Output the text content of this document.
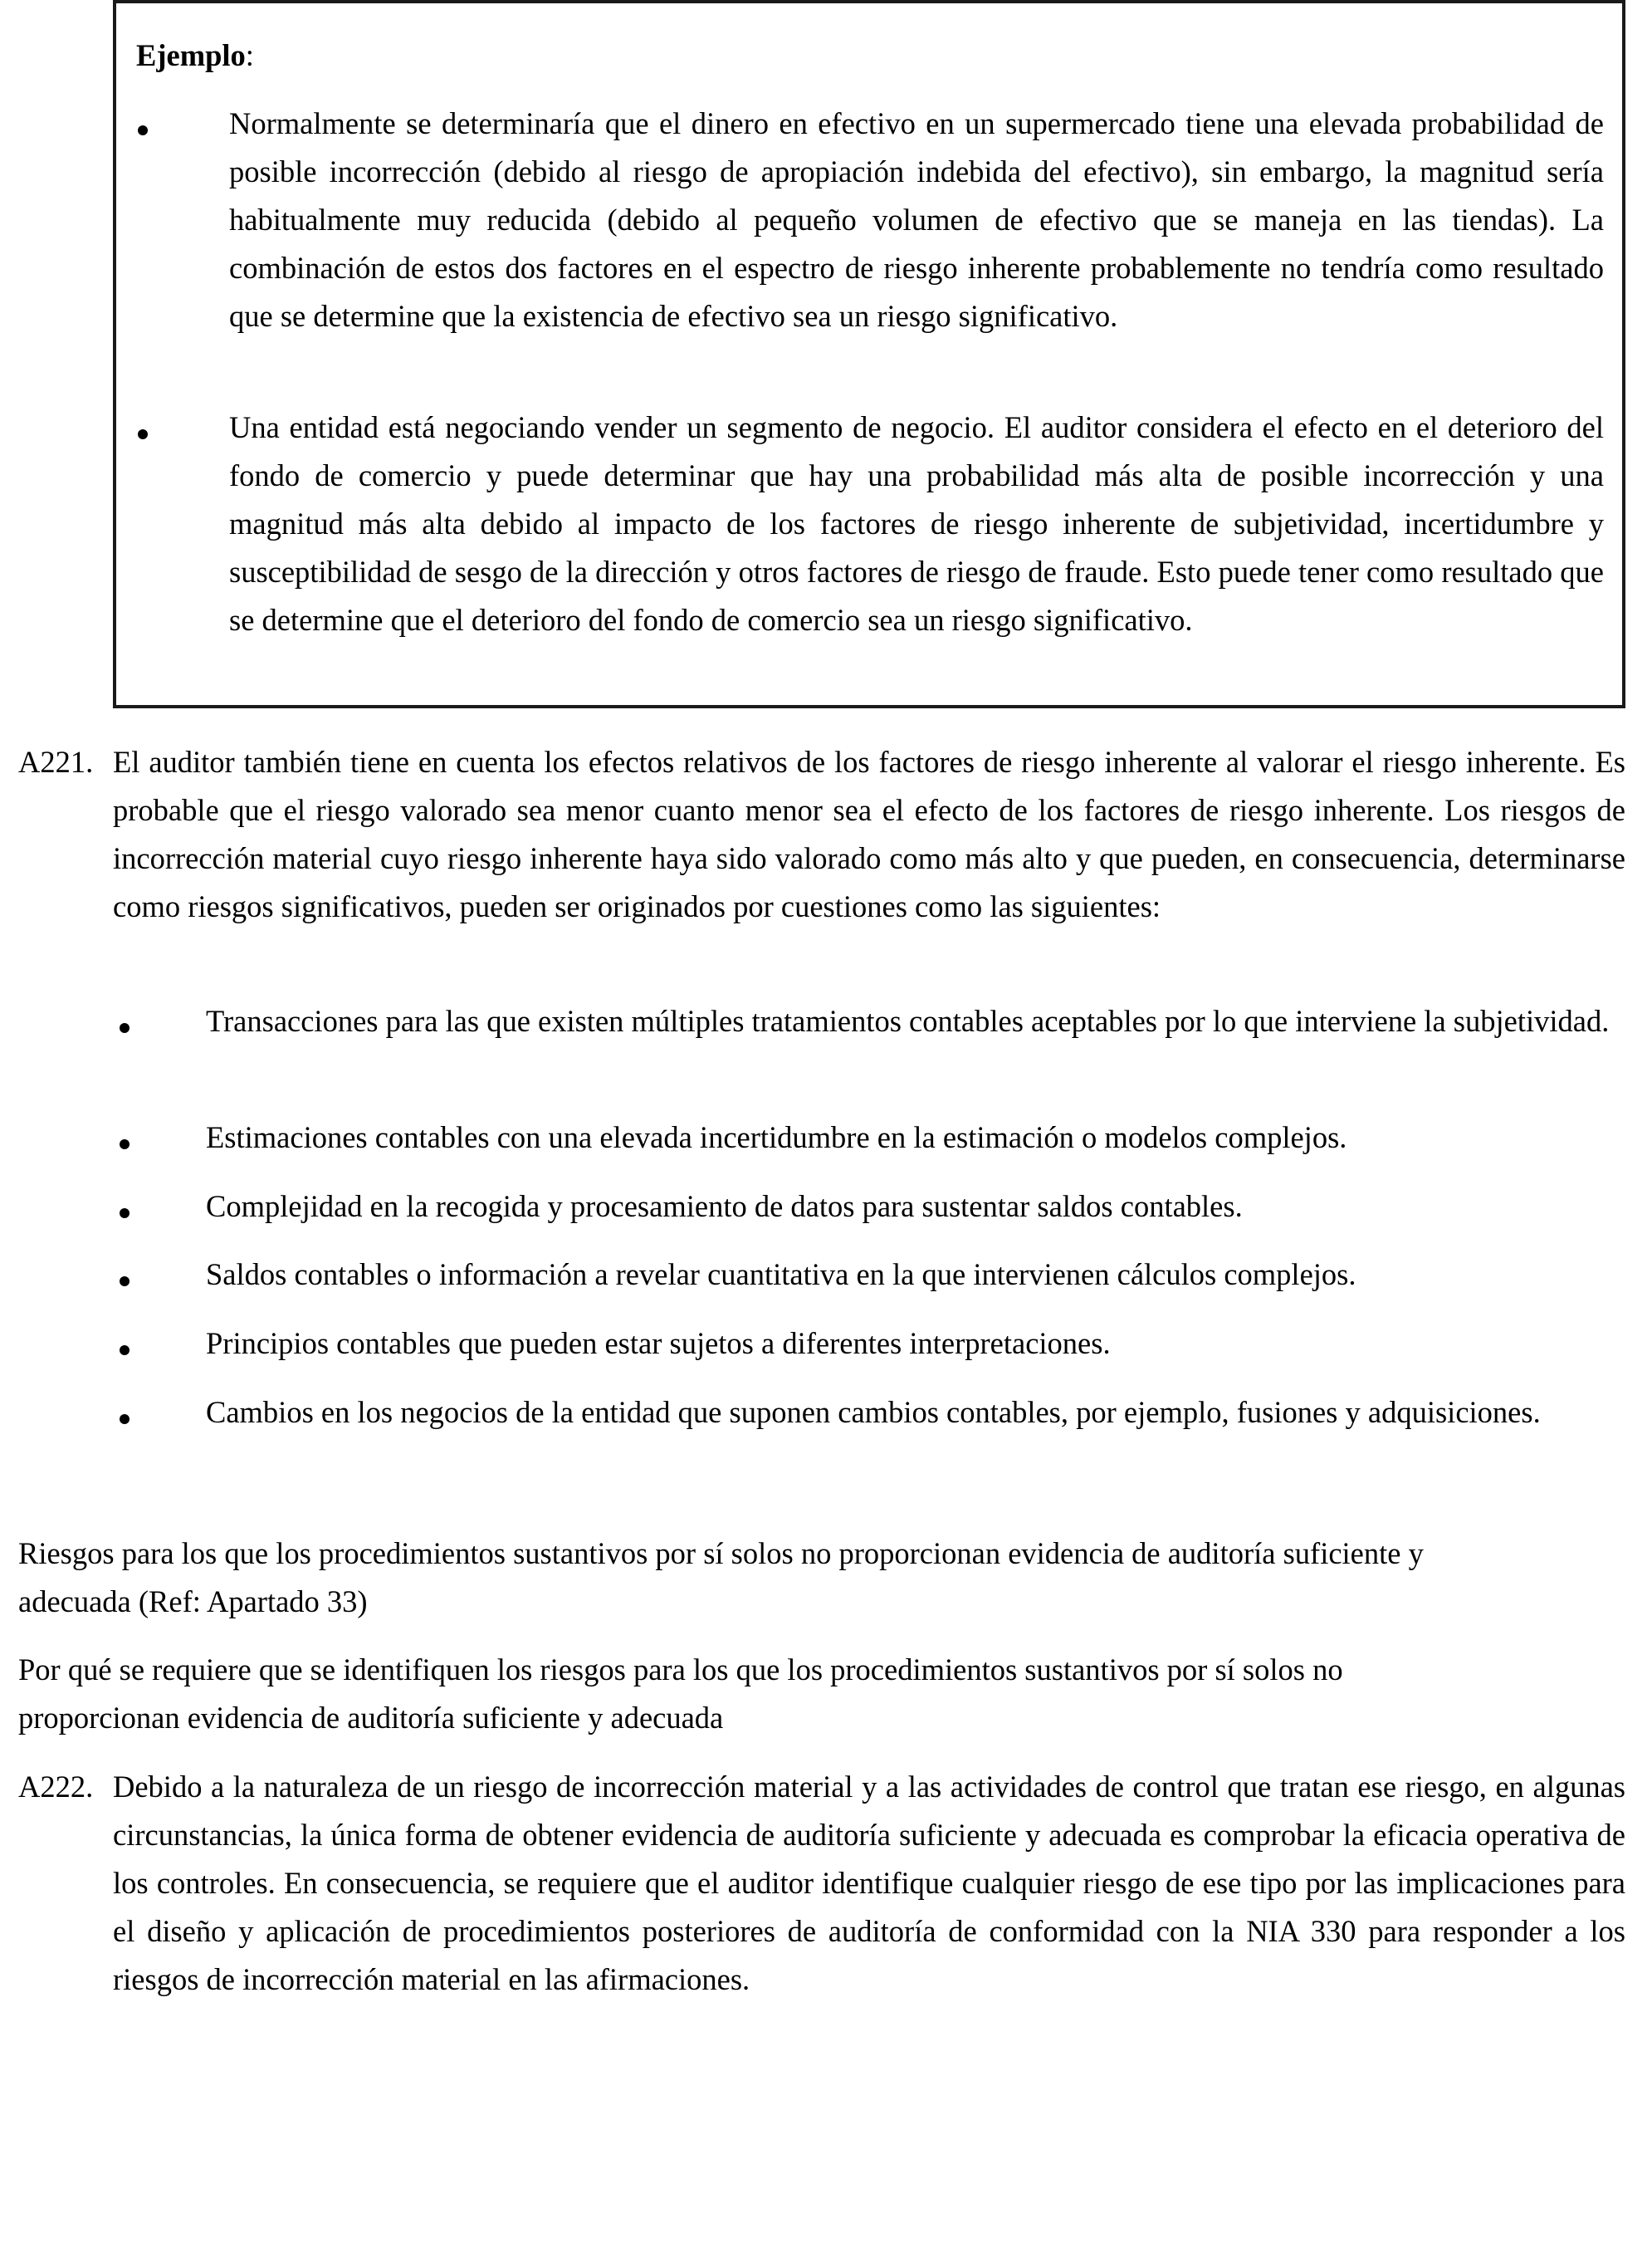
Ejemplo:

Normalmente se determinaría que el dinero en efectivo en un supermercado tiene una elevada probabilidad de posible incorrección (debido al riesgo de apropiación indebida del efectivo), sin embargo, la magnitud sería habitualmente muy reducida (debido al pequeño volumen de efectivo que se maneja en las tiendas). La combinación de estos dos factores en el espectro de riesgo inherente probablemente no tendría como resultado que se determine que la existencia de efectivo sea un riesgo significativo.

Una entidad está negociando vender un segmento de negocio. El auditor considera el efecto en el deterioro del fondo de comercio y puede determinar que hay una probabilidad más alta de posible incorrección y una magnitud más alta debido al impacto de los factores de riesgo inherente de subjetividad, incertidumbre y susceptibilidad de sesgo de la dirección y otros factores de riesgo de fraude. Esto puede tener como resultado que se determine que el deterioro del fondo de comercio sea un riesgo significativo.

A221. El auditor también tiene en cuenta los efectos relativos de los factores de riesgo inherente al valorar el riesgo inherente. Es probable que el riesgo valorado sea menor cuanto menor sea el efecto de los factores de riesgo inherente. Los riesgos de incorrección material cuyo riesgo inherente haya sido valorado como más alto y que pueden, en consecuencia, determinarse como riesgos significativos, pueden ser originados por cuestiones como las siguientes:

Transacciones para las que existen múltiples tratamientos contables aceptables por lo que interviene la subjetividad.

Estimaciones contables con una elevada incertidumbre en la estimación o modelos complejos.

Complejidad en la recogida y procesamiento de datos para sustentar saldos contables.

Saldos contables o información a revelar cuantitativa en la que intervienen cálculos complejos.

Principios contables que pueden estar sujetos a diferentes interpretaciones.

Cambios en los negocios de la entidad que suponen cambios contables, por ejemplo, fusiones y adquisiciones.

Riesgos para los que los procedimientos sustantivos por sí solos no proporcionan evidencia de auditoría suficiente y

adecuada (Ref: Apartado 33)

Por qué se requiere que se identifiquen los riesgos para los que los procedimientos sustantivos por sí solos no

proporcionan evidencia de auditoría suficiente y adecuada

A222. Debido a la naturaleza de un riesgo de incorrección material y a las actividades de control que tratan ese riesgo, en algunas circunstancias, la única forma de obtener evidencia de auditoría suficiente y adecuada es comprobar la eficacia operativa de los controles. En consecuencia, se requiere que el auditor identifique cualquier riesgo de ese tipo por las implicaciones para el diseño y aplicación de procedimientos posteriores de auditoría de conformidad con la NIA 330 para responder a los riesgos de incorrección material en las afirmaciones.
